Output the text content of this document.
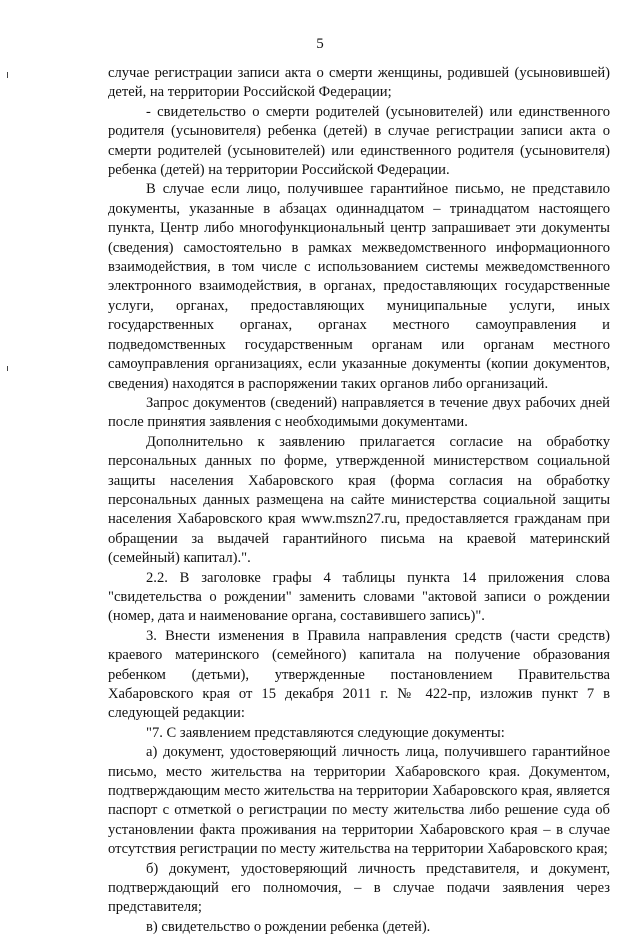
5

случае регистрации записи акта о смерти женщины, родившей (усыновившей) детей, на территории Российской Федерации;

- свидетельство о смерти родителей (усыновителей) или единственного родителя (усыновителя) ребенка (детей) в случае регистрации записи акта о смерти родителей (усыновителей) или единственного родителя (усыновителя) ребенка (детей) на территории Российской Федерации.

В случае если лицо, получившее гарантийное письмо, не представило документы, указанные в абзацах одиннадцатом – тринадцатом настоящего пункта, Центр либо многофункциональный центр запрашивает эти документы (сведения) самостоятельно в рамках межведомственного информационного взаимодействия, в том числе с использованием системы межведомственного электронного взаимодействия, в органах, предоставляющих государственные услуги, органах, предоставляющих муниципальные услуги, иных государственных органах, органах местного самоуправления и подведомственных государственным органам или органам местного самоуправления организациях, если указанные документы (копии документов, сведения) находятся в распоряжении таких органов либо организаций.

Запрос документов (сведений) направляется в течение двух рабочих дней после принятия заявления с необходимыми документами.

Дополнительно к заявлению прилагается согласие на обработку персональных данных по форме, утвержденной министерством социальной защиты населения Хабаровского края (форма согласия на обработку персональных данных размещена на сайте министерства социальной защиты населения Хабаровского края www.mszn27.ru, предоставляется гражданам при обращении за выдачей гарантийного письма на краевой материнский (семейный) капитал).".

2.2. В заголовке графы 4 таблицы пункта 14 приложения слова "свидетельства о рождении" заменить словами "актовой записи о рождении (номер, дата и наименование органа, составившего запись)".

3. Внести изменения в Правила направления средств (части средств) краевого материнского (семейного) капитала на получение образования ребенком (детьми), утвержденные постановлением Правительства Хабаровского края от 15 декабря 2011 г. № 422-пр, изложив пункт 7 в следующей редакции:

"7. С заявлением представляются следующие документы:

а) документ, удостоверяющий личность лица, получившего гарантийное письмо, место жительства на территории Хабаровского края. Документом, подтверждающим место жительства на территории Хабаровского края, является паспорт с отметкой о регистрации по месту жительства либо решение суда об установлении факта проживания на территории Хабаровского края – в случае отсутствия регистрации по месту жительства на территории Хабаровского края;

б) документ, удостоверяющий личность представителя, и документ, подтверждающий его полномочия, – в случае подачи заявления через представителя;

в) свидетельство о рождении ребенка (детей).
